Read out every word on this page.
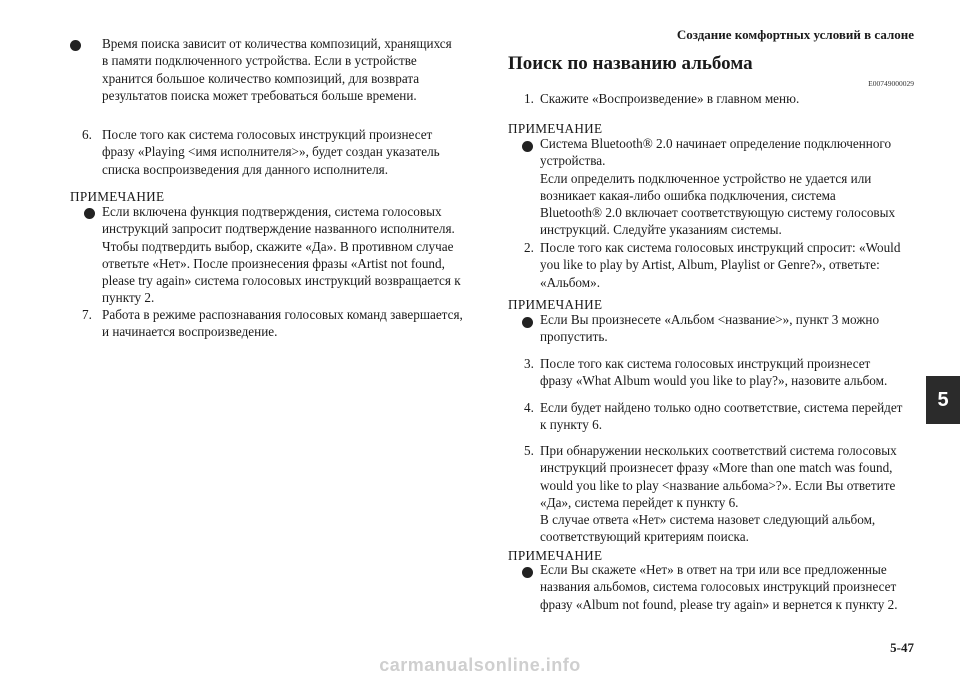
Создание комфортных условий в салоне
Время поиска зависит от количества композиций, хранящихся
в памяти подключенного устройства. Если в устройстве
хранится большое количество композиций, для возврата
результатов поиска может требоваться больше времени.
6. После того как система голосовых инструкций произнесет
фразу «Playing <имя исполнителя>», будет создан указатель
списка воспроизведения для данного исполнителя.
ПРИМЕЧАНИЕ
Если включена функция подтверждения, система голосовых
инструкций запросит подтверждение названного исполнителя.
Чтобы подтвердить выбор, скажите «Да». В противном случае
ответьте «Нет». После произнесения фразы «Artist not found,
please try again» система голосовых инструкций возвращается к
пункту 2.
7. Работа в режиме распознавания голосовых команд завершается,
и начинается воспроизведение.
Поиск по названию альбома
E00749000029
1. Скажите «Воспроизведение» в главном меню.
ПРИМЕЧАНИЕ
Система Bluetooth® 2.0 начинает определение подключенного
устройства.
Если определить подключенное устройство не удается или
возникает какая-либо ошибка подключения, система
Bluetooth® 2.0 включает соответствующую систему голосовых
инструкций. Следуйте указаниям системы.
2. После того как система голосовых инструкций спросит: «Would
you like to play by Artist, Album, Playlist or Genre?», ответьте:
«Альбом».
ПРИМЕЧАНИЕ
Если Вы произнесете «Альбом <название>», пункт 3 можно
пропустить.
3. После того как система голосовых инструкций произнесет
фразу «What Album would you like to play?», назовите альбом.
4. Если будет найдено только одно соответствие, система перейдет
к пункту 6.
5. При обнаружении нескольких соответствий система голосовых
инструкций произнесет фразу «More than one match was found,
would you like to play <название альбома>?». Если Вы ответите
«Да», система перейдет к пункту 6.
В случае ответа «Нет» система назовет следующий альбом,
соответствующий критериям поиска.
ПРИМЕЧАНИЕ
Если Вы скажете «Нет» в ответ на три или все предложенные
названия альбомов, система голосовых инструкций произнесет
фразу «Album not found, please try again» и вернется к пункту 2.
5
5-47
carmanualsonline.info
